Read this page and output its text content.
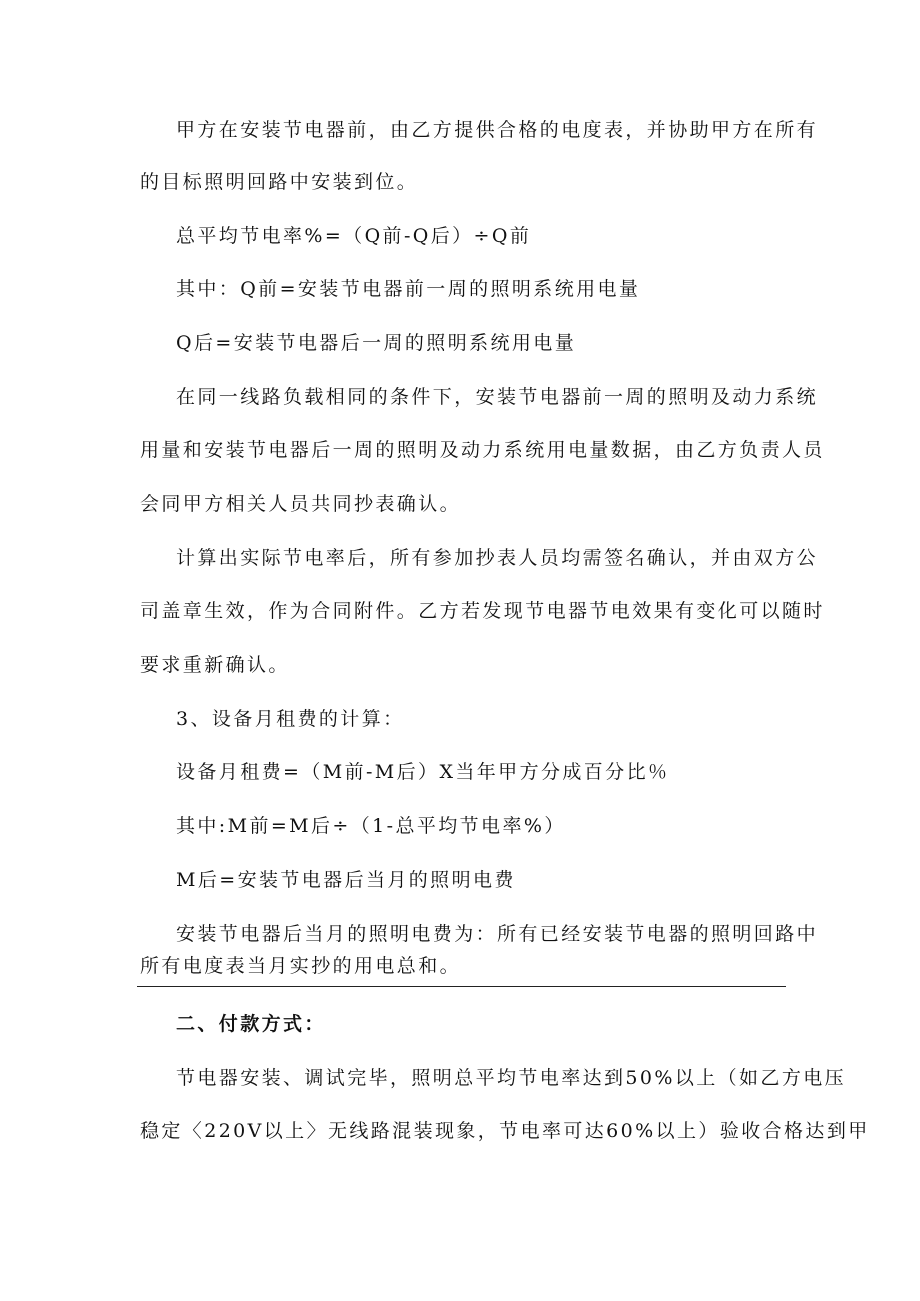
甲方在安装节电器前，由乙方提供合格的电度表，并协助甲方在所有

的目标照明回路中安装到位。

总平均节电率%=（Q前-Q后）÷Q前

其中：Q前=安装节电器前一周的照明系统用电量

Q后=安装节电器后一周的照明系统用电量

在同一线路负载相同的条件下，安装节电器前一周的照明及动力系统

用量和安装节电器后一周的照明及动力系统用电量数据，由乙方负责人员

会同甲方相关人员共同抄表确认。

计算出实际节电率后，所有参加抄表人员均需签名确认，并由双方公

司盖章生效，作为合同附件。乙方若发现节电器节电效果有变化可以随时

要求重新确认。

3、设备月租费的计算：

设备月租费=（M前-M后）X当年甲方分成百分比％

其中:M前=M后÷（1-总平均节电率%）

M后=安装节电器后当月的照明电费

安装节电器后当月的照明电费为：所有已经安装节电器的照明回路中

所有电度表当月实抄的用电总和。

二、付款方式：

节电器安装、调试完毕，照明总平均节电率达到50%以上（如乙方电压

稳定〈220V以上〉无线路混装现象，节电率可达60%以上）验收合格达到甲
